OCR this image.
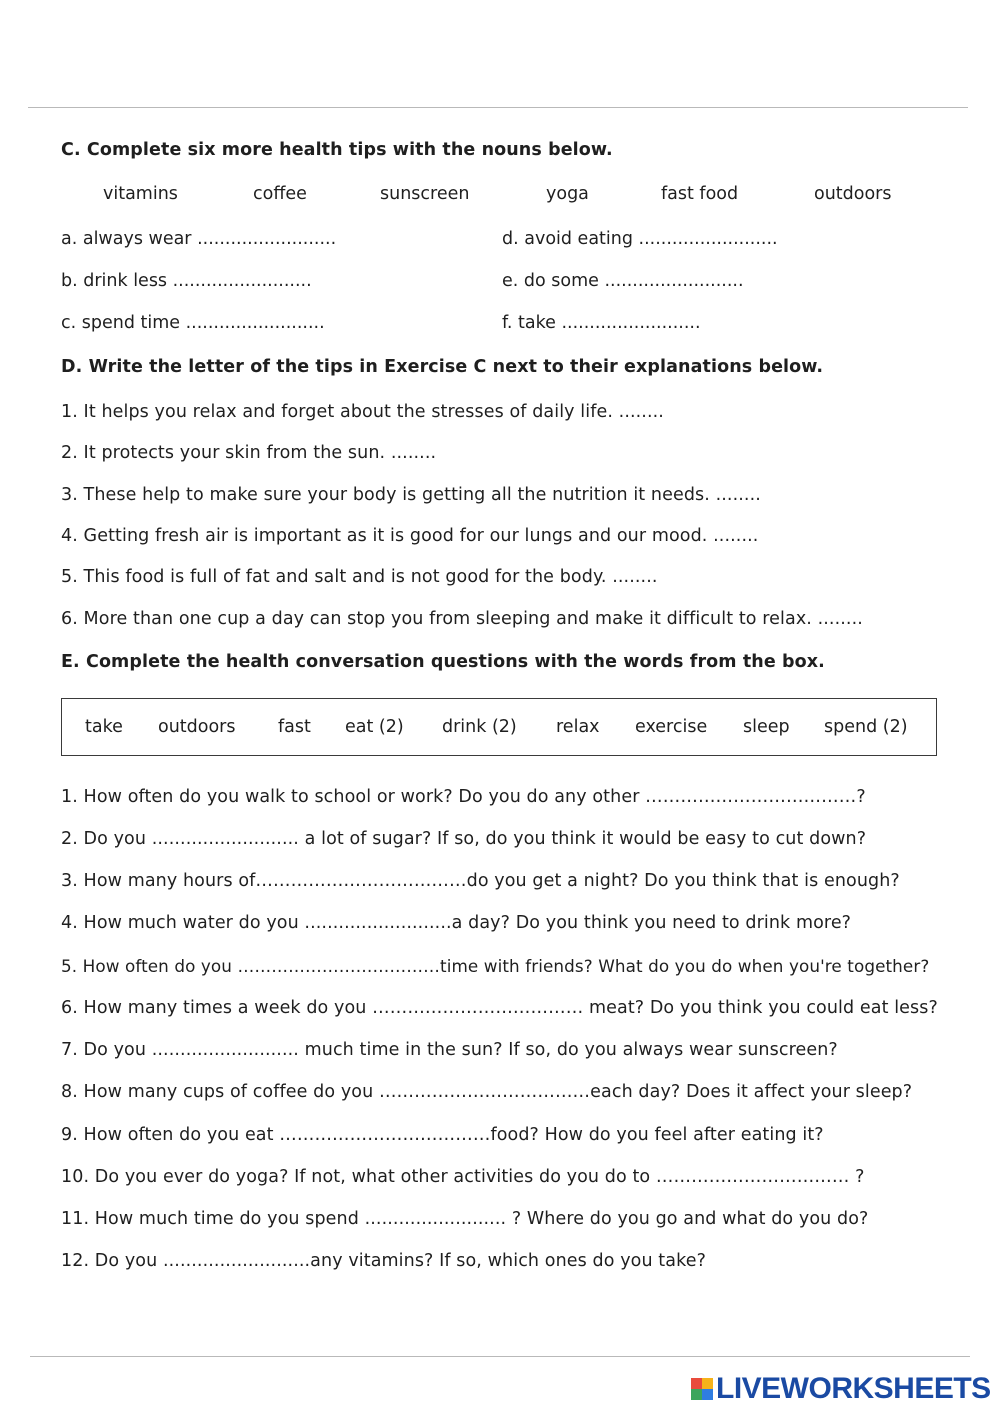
C. Complete six more health tips with the nouns below.
vitamins	coffee	sunscreen	yoga	fast food	outdoors
a. always wear .........................
b. drink less .........................
c. spend time .........................
d. avoid eating .........................
e. do some .........................
f. take .........................
D. Write the letter of the tips in Exercise C next to their explanations below.
1. It helps you relax and forget about the stresses of daily life. ........
2. It protects your skin from the sun. ........
3. These help to make sure your body is getting all the nutrition it needs. ........
4. Getting fresh air is important as it is good for our lungs and our mood. ........
5. This food is full of fat and salt and is not good for the body. ........
6. More than one cup a day can stop you from sleeping and make it difficult to relax. ........
E. Complete the health conversation questions with the words from the box.
take outdoors fast eat (2) drink (2) relax exercise sleep spend (2)
1. How often do you walk to school or work? Do you do any other ………………………………?
2. Do you .......................... a lot of sugar? If so, do you think it would be easy to cut down?
3. How many hours of………………………………do you get a night? Do you think that is enough?
4. How much water do you ..........................a day? Do you think you need to drink more?
5. How often do you ………………………………time with friends? What do you do when you're together?
6. How many times a week do you ……………………………… meat? Do you think you could eat less?
7. Do you .......................... much time in the sun? If so, do you always wear sunscreen?
8. How many cups of coffee do you ………………………………each day? Does it affect your sleep?
9. How often do you eat ………………………………food? How do you feel after eating it?
10. Do you ever do yoga? If not, what other activities do you do to …………………………… ?
11. How much time do you spend ......................... ? Where do you go and what do you do?
12. Do you ..........................any vitamins? If so, which ones do you take?
LIVEWORKSHEETS
